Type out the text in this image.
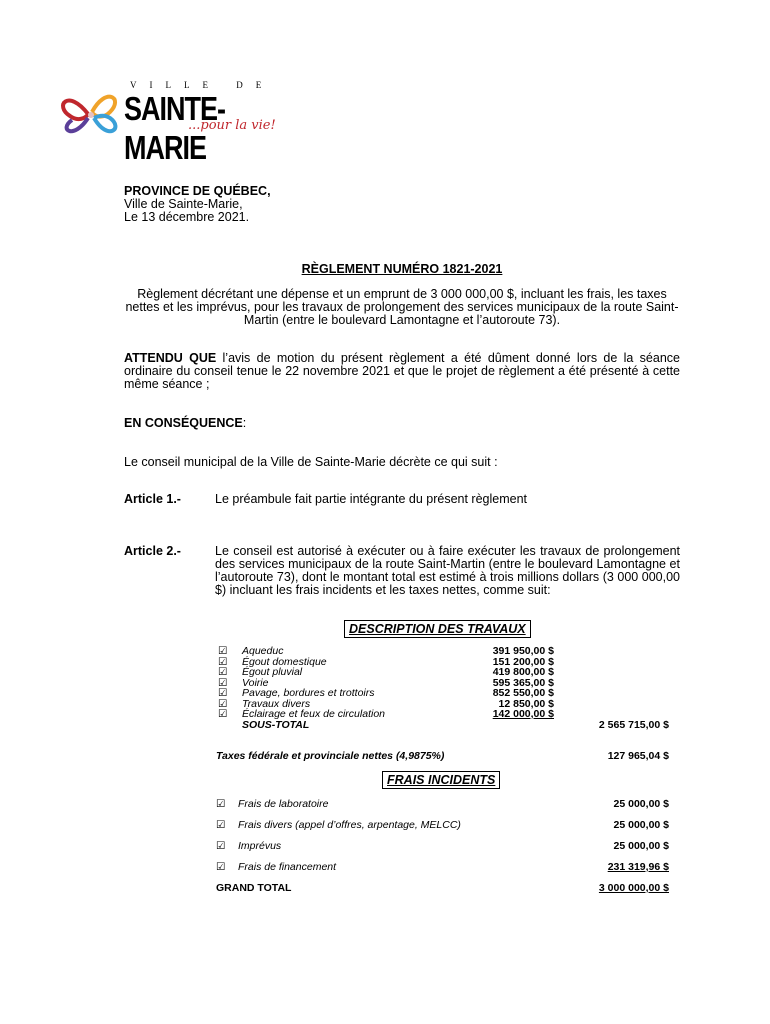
VILLE DE
SAINTE-MARIE
...pour la vie!
PROVINCE DE QUÉBEC,
Ville de Sainte-Marie,
Le 13 décembre 2021.
RÈGLEMENT NUMÉRO 1821-2021
Règlement décrétant une dépense et un emprunt de 3 000 000,00 $, incluant les frais, les taxes nettes et les imprévus, pour les travaux de prolongement des services municipaux de la route Saint-Martin (entre le boulevard Lamontagne et l’autoroute 73).
ATTENDU QUE l’avis de motion du présent règlement a été dûment donné lors de la séance ordinaire du conseil tenue le 22 novembre 2021 et que le projet de règlement a été présenté à cette même séance ;
EN CONSÉQUENCE:
Le conseil municipal de la Ville de Sainte-Marie décrète ce qui suit :
Article 1.-	Le préambule fait partie intégrante du présent règlement
Article 2.-	Le conseil est autorisé à exécuter ou à faire exécuter les travaux de prolongement des services municipaux de la route Saint-Martin (entre le boulevard Lamontagne et l’autoroute 73), dont le montant total est estimé à trois millions dollars (3 000 000,00 $) incluant les frais incidents et les taxes nettes, comme suit:
DESCRIPTION DES TRAVAUX
☑ Aqueduc	391 950,00 $
☑ Égout domestique	151 200,00 $
☑ Égout pluvial	419 800,00 $
☑ Voirie	595 365,00 $
☑ Pavage, bordures et trottoirs	852 550,00 $
☑ Travaux divers	12 850,00 $
☑ Éclairage et feux de circulation	142 000,00 $
SOUS-TOTAL	2 565 715,00 $
Taxes fédérale et provinciale nettes (4,9875%)	127 965,04 $
FRAIS INCIDENTS
☑ Frais de laboratoire	25 000,00 $
☑ Frais divers (appel d’offres, arpentage, MELCC)	25 000,00 $
☑ Imprévus	25 000,00 $
☑ Frais de financement	231 319,96 $
GRAND TOTAL	3 000 000,00 $
